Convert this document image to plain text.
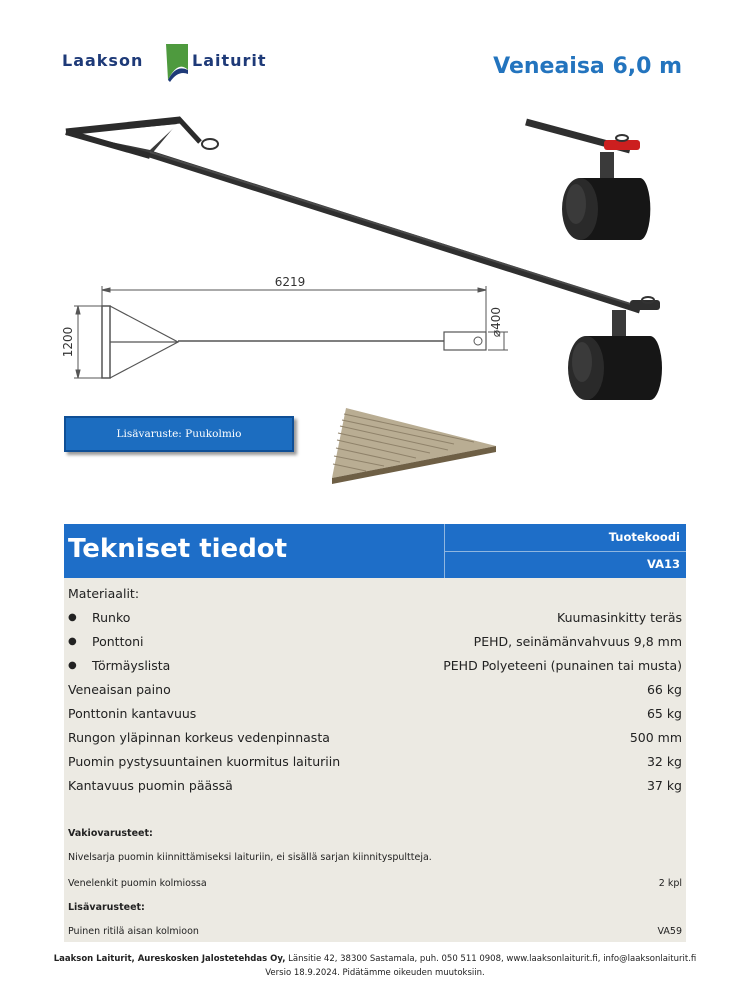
Laakson	Laiturit	Veneaisa 6,0 m
6219
1200
⌀400
Lisävaruste: Puukolmio
Tekniset tiedot	Tuotekoodi
VA13
Materiaalit:
●	Runko	Kuumasinkitty teräs
●	Ponttoni	PEHD, seinämänvahvuus 9,8 mm
●	Törmäyslista	PEHD Polyeteeni (punainen tai musta)
Veneaisan paino	66 kg
Ponttonin kantavuus	65 kg
Rungon yläpinnan korkeus vedenpinnasta	500 mm
Puomin pystysuuntainen kuormitus laituriin	32 kg
Kantavuus puomin päässä	37 kg
Vakiovarusteet:
Nivelsarja puomin kiinnittämiseksi laituriin, ei sisällä sarjan kiinnityspultteja.
Venelenkit puomin kolmiossa	2 kpl
Lisävarusteet:
Puinen ritilä aisan kolmioon	VA59
Laakson Laiturit, Aureskosken Jalostetehdas Oy, Länsitie 42, 38300 Sastamala, puh. 050 511 0908, www.laaksonlaiturit.fi, info@laaksonlaiturit.fi
Versio 18.9.2024. Pidätämme oikeuden muutoksiin.
